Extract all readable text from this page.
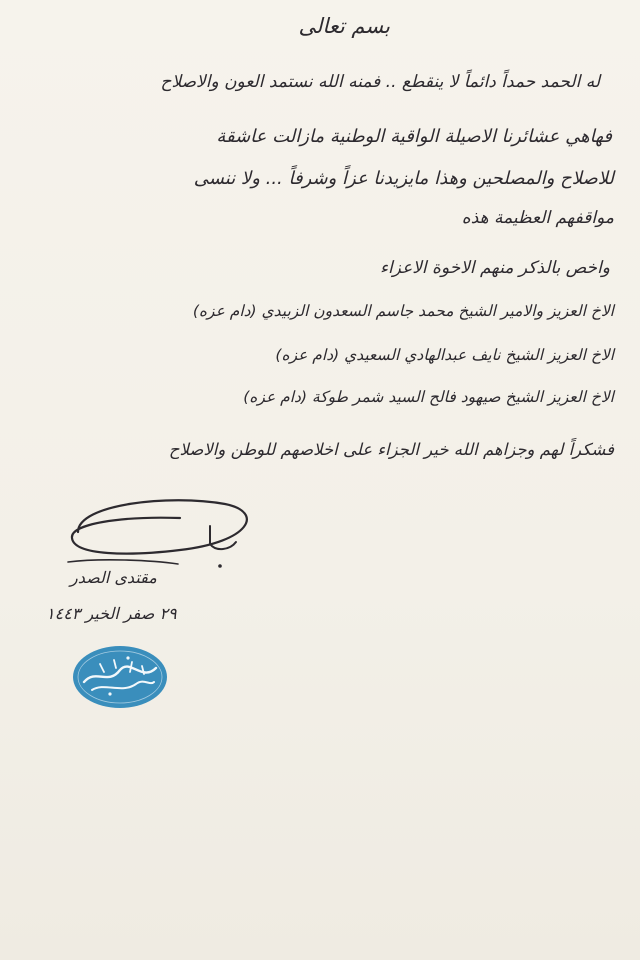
بسم تعالى
له الحمد حمداً دائماً لا ينقطع .. فمنه الله نستمد العون والاصلاح
فهاهي عشائرنا الاصيلة الواقية الوطنية مازالت عاشقة
للاصلاح والمصلحين وهذا مايزيدنا عزاً وشرفاً ... ولا ننسى
مواقفهم العظيمة هذه
واخص بالذكر منهم الاخوة الاعزاء
الاخ العزيز والامير الشيخ محمد جاسم السعدون الزبيدي (دام عزه)
الاخ العزيز الشيخ نايف عبدالهادي السعيدي (دام عزه)
الاخ العزيز الشيخ صيهود فالح السيد شمر طوكة (دام عزه)
فشكراً لهم وجزاهم الله خير الجزاء على اخلاصهم للوطن والاصلاح
مقتدى الصدر
٢٩ صفر الخير ١٤٤٣
